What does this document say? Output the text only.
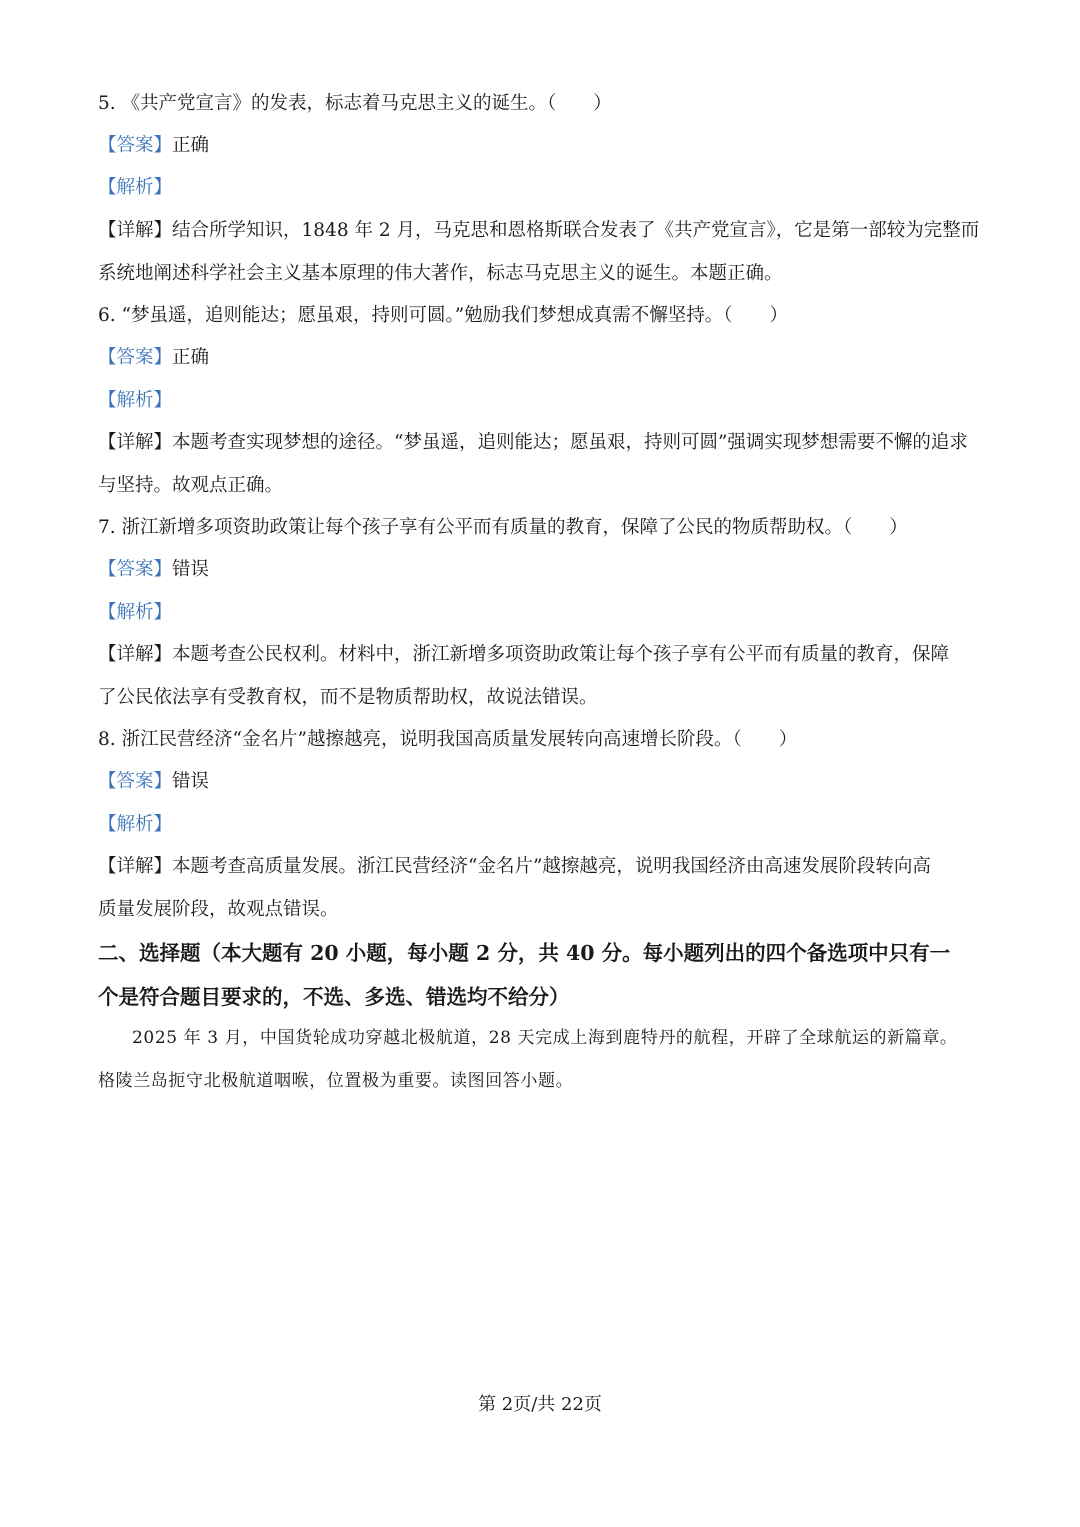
5. 《共产党宣言》的发表，标志着马克思主义的诞生。（　　）
【答案】正确
【解析】
【详解】结合所学知识，1848 年 2 月，马克思和恩格斯联合发表了《共产党宣言》，它是第一部较为完整而
系统地阐述科学社会主义基本原理的伟大著作，标志马克思主义的诞生。本题正确。
6. “梦虽遥，追则能达；愿虽艰，持则可圆。”勉励我们梦想成真需不懈坚持。（　　）
【答案】正确
【解析】
【详解】本题考查实现梦想的途径。“梦虽遥，追则能达；愿虽艰，持则可圆”强调实现梦想需要不懈的追求
与坚持。故观点正确。
7. 浙江新增多项资助政策让每个孩子享有公平而有质量的教育，保障了公民的物质帮助权。（　　）
【答案】错误
【解析】
【详解】本题考查公民权利。材料中，浙江新增多项资助政策让每个孩子享有公平而有质量的教育，保障
了公民依法享有受教育权，而不是物质帮助权，故说法错误。
8. 浙江民营经济“金名片”越擦越亮，说明我国高质量发展转向高速增长阶段。（　　）
【答案】错误
【解析】
【详解】本题考查高质量发展。浙江民营经济“金名片”越擦越亮，说明我国经济由高速发展阶段转向高
质量发展阶段，故观点错误。
二、选择题（本大题有 20 小题，每小题 2 分，共 40 分。每小题列出的四个备选项中只有一
个是符合题目要求的，不选、多选、错选均不给分）
2025 年 3 月，中国货轮成功穿越北极航道，28 天完成上海到鹿特丹的航程，开辟了全球航运的新篇章。
格陵兰岛扼守北极航道咽喉，位置极为重要。读图回答小题。
第 2页/共 22页
